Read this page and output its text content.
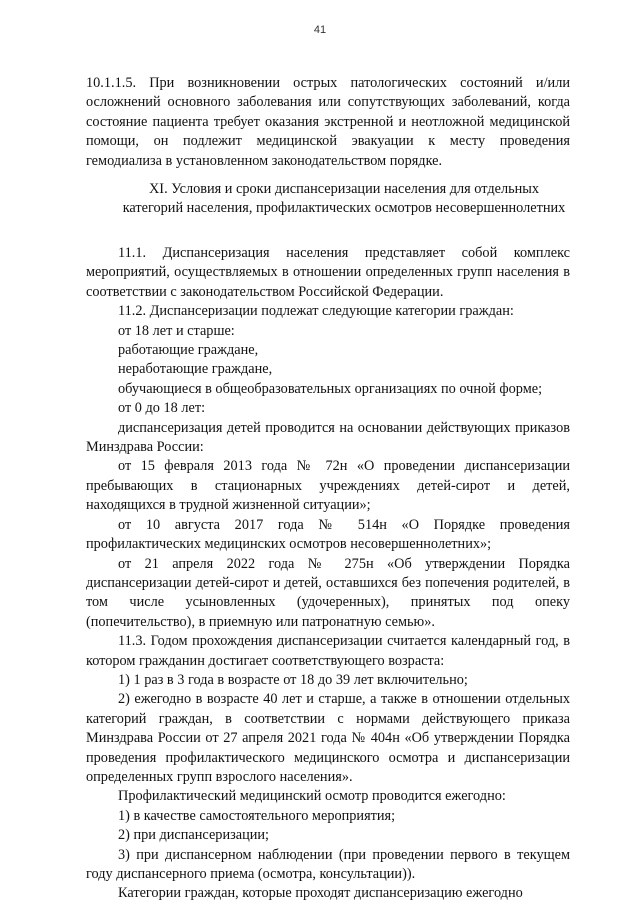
41

10.1.1.5. При возникновении острых патологических состояний и/или осложнений основного заболевания или сопутствующих заболеваний, когда состояние пациента требует оказания экстренной и неотложной медицинской помощи, он подлежит медицинской эвакуации к месту проведения гемодиализа в установленном законодательством порядке.

XI. Условия и сроки диспансеризации населения для отдельных категорий населения, профилактических осмотров несовершеннолетних

11.1. Диспансеризация населения представляет собой комплекс мероприятий, осуществляемых в отношении определенных групп населения в соответствии с законодательством Российской Федерации.

11.2. Диспансеризации подлежат следующие категории граждан:

от 18 лет и старше:

работающие граждане,

неработающие граждане,

обучающиеся в общеобразовательных организациях по очной форме;

от 0 до 18 лет:

диспансеризация детей проводится на основании действующих приказов Минздрава России:

от 15 февраля 2013 года № 72н «О проведении диспансеризации пребывающих в стационарных учреждениях детей-сирот и детей, находящихся в трудной жизненной ситуации»;

от 10 августа 2017 года № 514н «О Порядке проведения профилактических медицинских осмотров несовершеннолетних»;

от 21 апреля 2022 года № 275н «Об утверждении Порядка диспансеризации детей-сирот и детей, оставшихся без попечения родителей, в том числе усыновленных (удочеренных), принятых под опеку (попечительство), в приемную или патронатную семью».

11.3. Годом прохождения диспансеризации считается календарный год, в котором гражданин достигает соответствующего возраста:

1) 1 раз в 3 года в возрасте от 18 до 39 лет включительно;

2) ежегодно в возрасте 40 лет и старше, а также в отношении отдельных категорий граждан, в соответствии с нормами действующего приказа Минздрава России от 27 апреля 2021 года № 404н «Об утверждении Порядка проведения профилактического медицинского осмотра и диспансеризации определенных групп взрослого населения».

Профилактический медицинский осмотр проводится ежегодно:

1) в качестве самостоятельного мероприятия;

2) при диспансеризации;

3) при диспансерном наблюдении (при проведении первого в текущем году диспансерного приема (осмотра, консультации)).

Категории граждан, которые проходят диспансеризацию ежегодно
